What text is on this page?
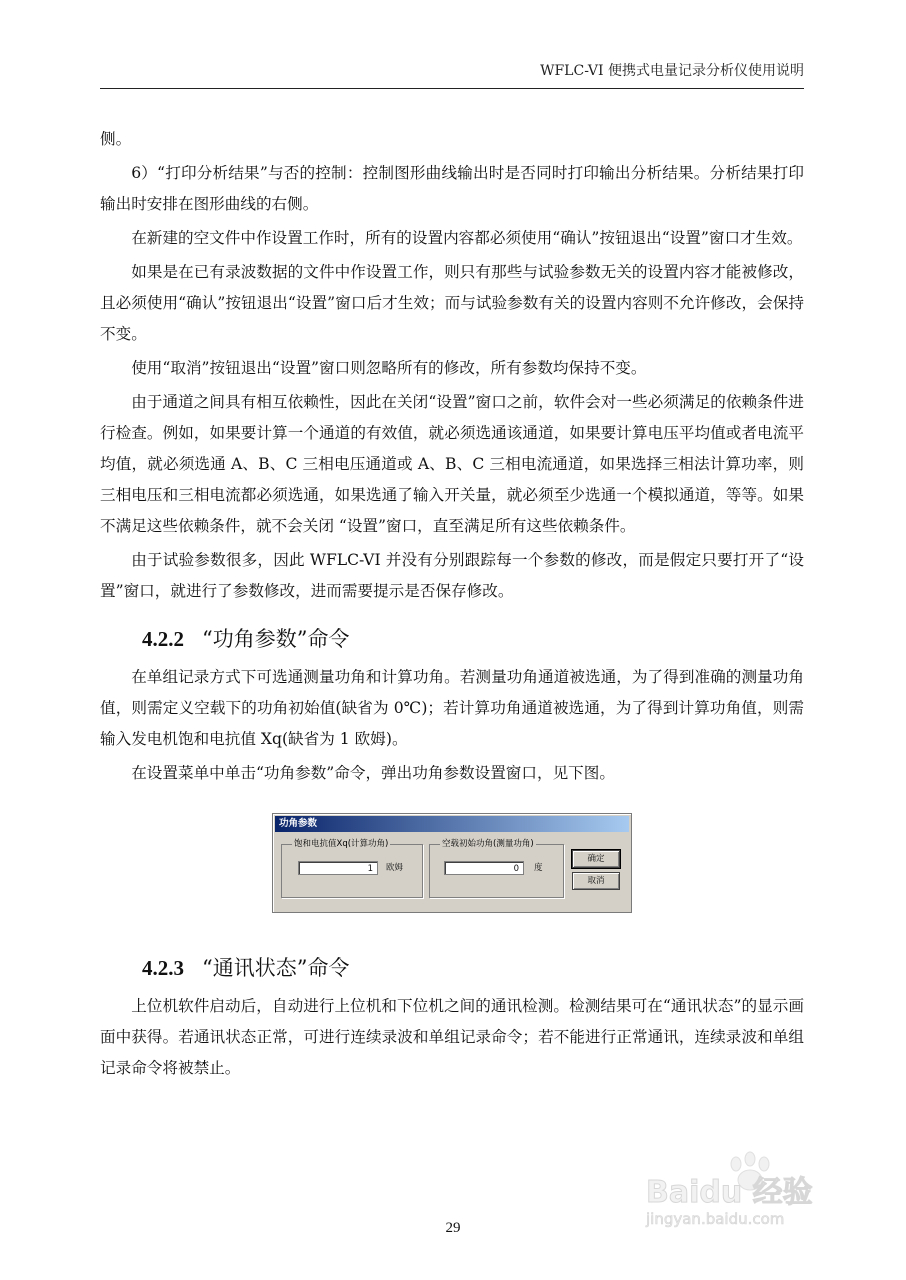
WFLC-VI 便携式电量记录分析仪使用说明

侧。

6）“打印分析结果”与否的控制：控制图形曲线输出时是否同时打印输出分析结果。分析结果打印输出时安排在图形曲线的右侧。

在新建的空文件中作设置工作时，所有的设置内容都必须使用“确认”按钮退出“设置”窗口才生效。

如果是在已有录波数据的文件中作设置工作，则只有那些与试验参数无关的设置内容才能被修改，且必须使用“确认”按钮退出“设置”窗口后才生效；而与试验参数有关的设置内容则不允许修改，会保持不变。

使用“取消”按钮退出“设置”窗口则忽略所有的修改，所有参数均保持不变。

由于通道之间具有相互依赖性，因此在关闭“设置”窗口之前，软件会对一些必须满足的依赖条件进行检查。例如，如果要计算一个通道的有效值，就必须选通该通道，如果要计算电压平均值或者电流平均值，就必须选通 A、B、C 三相电压通道或 A、B、C 三相电流通道，如果选择三相法计算功率，则三相电压和三相电流都必须选通，如果选通了输入开关量，就必须至少选通一个模拟通道，等等。如果不满足这些依赖条件，就不会关闭 “设置”窗口，直至满足所有这些依赖条件。

由于试验参数很多，因此 WFLC-VI 并没有分别跟踪每一个参数的修改，而是假定只要打开了“设置”窗口，就进行了参数修改，进而需要提示是否保存修改。

4.2.2 “功角参数”命令

在单组记录方式下可选通测量功角和计算功角。若测量功角通道被选通，为了得到准确的测量功角值，则需定义空载下的功角初始值(缺省为 0℃)；若计算功角通道被选通，为了得到计算功角值，则需输入发电机饱和电抗值 Xq(缺省为 1 欧姆)。

在设置菜单中单击“功角参数”命令，弹出功角参数设置窗口，见下图。

功角参数
饱和电抗值Xq(计算功角)
1	欧姆
空载初始功角(测量功角)
0	度
确定
取消
4.2.3 “通讯状态”命令

上位机软件启动后，自动进行上位机和下位机之间的通讯检测。检测结果可在“通讯状态”的显示画面中获得。若通讯状态正常，可进行连续录波和单组记录命令；若不能进行正常通讯，连续录波和单组记录命令将被禁止。

Baidu 经验
jingyan.baidu.com
29
